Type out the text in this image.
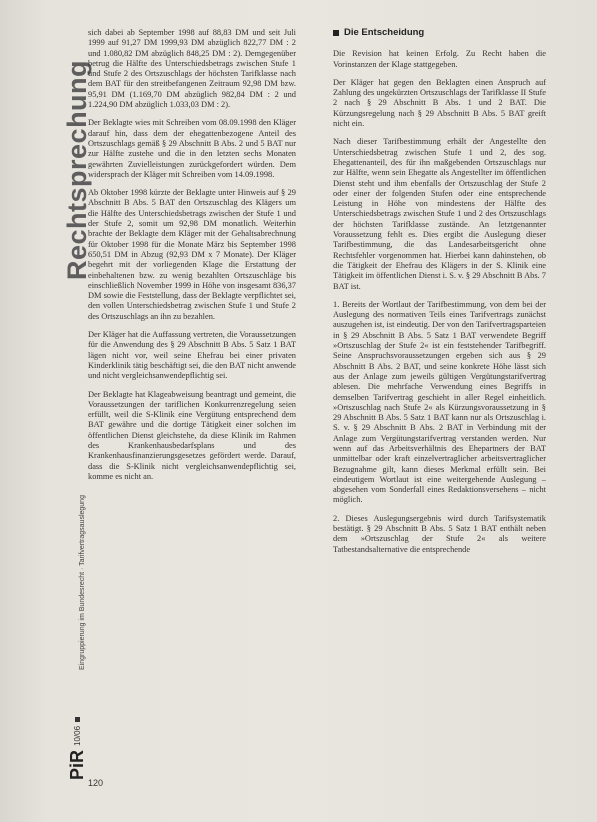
Rechtsprechung
Eingruppierung im Bundesrecht · Tarifvertragsauslegung
PiR
10/06

sich dabei ab September 1998 auf 88,83 DM und seit Juli 1999 auf 91,27 DM 1999,93 DM abzüglich 822,77 DM : 2 und 1.080,82 DM abzüglich 848,25 DM : 2). Demgegenüber betrug die Hälfte des Unterschiedsbetrags zwischen Stufe 1 und Stufe 2 des Ortszuschlags der höchsten Tarifklasse nach dem BAT für den streitbefangenen Zeitraum 92,98 DM bzw. 95,91 DM (1.169,70 DM abzüglich 982,84 DM : 2 und 1.224,90 DM abzüglich 1.033,03 DM : 2).

Der Beklagte wies mit Schreiben vom 08.09.1998 den Kläger darauf hin, dass dem der ehegattenbezogene Anteil des Ortszuschlags gemäß § 29 Abschnitt B Abs. 2 und 5 BAT nur zur Hälfte zustehe und die in den letzten sechs Monaten gewährten Zuvielleistungen zurückgefordert würden. Dem widersprach der Kläger mit Schreiben vom 14.09.1998.

Ab Oktober 1998 kürzte der Beklagte unter Hinweis auf § 29 Abschnitt B Abs. 5 BAT den Ortszuschlag des Klägers um die Hälfte des Unterschiedsbetrags zwischen der Stufe 1 und der Stufe 2, somit um 92,98 DM monatlich. Weiterhin brachte der Beklagte dem Kläger mit der Gehaltsabrechnung für Oktober 1998 für die Monate März bis September 1998 650,51 DM in Abzug (92,93 DM x 7 Monate). Der Kläger begehrt mit der vorliegenden Klage die Erstattung der einbehaltenen bzw. zu wenig bezahlten Ortszuschläge bis einschließlich November 1999 in Höhe von insgesamt 836,37 DM sowie die Feststellung, dass der Beklagte verpflichtet sei, den vollen Unterschiedsbetrag zwischen Stufe 1 und Stufe 2 des Ortszuschlags an ihn zu bezahlen.

Der Kläger hat die Auffassung vertreten, die Voraussetzungen für die Anwendung des § 29 Abschnitt B Abs. 5 Satz 1 BAT lägen nicht vor, weil seine Ehefrau bei einer privaten Kinderklinik tätig beschäftigt sei, die den BAT nicht anwende und nicht vergleichsanwendepflichtig sei.

Der Beklagte hat Klageabweisung beantragt und gemeint, die Voraussetzungen der tariflichen Konkurrenzregelung seien erfüllt, weil die S-Klinik eine Vergütung entsprechend dem BAT gewähre und die dortige Tätigkeit einer solchen im öffentlichen Dienst gleichstehe, da diese Klinik im Rahmen des Krankenhausbedarfsplans und des Krankenhausfinanzierungsgesetzes gefördert werde. Darauf, dass die S-Klinik nicht vergleichsanwendepflichtig sei, komme es nicht an.

Die Entscheidung

Die Revision hat keinen Erfolg. Zu Recht haben die Vorinstanzen der Klage stattgegeben.

Der Kläger hat gegen den Beklagten einen Anspruch auf Zahlung des ungekürzten Ortszuschlags der Tarifklasse II Stufe 2 nach § 29 Abschnitt B Abs. 1 und 2 BAT. Die Kürzungsregelung nach § 29 Abschnitt B Abs. 5 BAT greift nicht ein.

Nach dieser Tarifbestimmung erhält der Angestellte den Unterschiedsbetrag zwischen Stufe 1 und 2, des sog. Ehegattenanteil, des für ihn maßgebenden Ortszuschlags nur zur Hälfte, wenn sein Ehegatte als Angestellter im öffentlichen Dienst steht und ihm ebenfalls der Ortszuschlag der Stufe 2 oder einer der folgenden Stufen oder eine entsprechende Leistung in Höhe von mindestens der Hälfte des Unterschiedsbetrags zwischen Stufe 1 und 2 des Ortszuschlags der höchsten Tarifklasse zustände. An letztgenannter Voraussetzung fehlt es. Dies ergibt die Auslegung dieser Tarifbestimmung, die das Landesarbeitsgericht ohne Rechtsfehler vorgenommen hat. Hierbei kann dahinstehen, ob die Tätigkeit der Ehefrau des Klägers in der S. Klinik eine Tätigkeit im öffentlichen Dienst i. S. v. § 29 Abschnitt B Abs. 7 BAT ist.

1. Bereits der Wortlaut der Tarifbestimmung, von dem bei der Auslegung des normativen Teils eines Tarifvertrags zunächst auszugehen ist, ist eindeutig. Der von den Tarifvertragsparteien in § 29 Abschnitt B Abs. 5 Satz 1 BAT verwendete Begriff »Ortszuschlag der Stufe 2« ist ein feststehender Tarifbegriff. Seine Anspruchsvoraussetzungen ergeben sich aus § 29 Abschnitt B Abs. 2 BAT, und seine konkrete Höhe lässt sich aus der Anlage zum jeweils gültigen Vergütungstarifvertrag ablesen. Die mehrfache Verwendung eines Begriffs in demselben Tarifvertrag geschieht in aller Regel einheitlich. »Ortszuschlag nach Stufe 2« als Kürzungsvoraussetzung in § 29 Abschnitt B Abs. 5 Satz 1 BAT kann nur als Ortszuschlag i. S. v. § 29 Abschnitt B Abs. 2 BAT in Verbindung mit der Anlage zum Vergütungstarifvertrag verstanden werden. Nur wenn auf das Arbeitsverhältnis des Ehepartners der BAT unmittelbar oder kraft einzelvertraglicher arbeitsvertraglicher Bezugnahme gilt, kann dieses Merkmal erfüllt sein. Bei eindeutigem Wortlaut ist eine weitergehende Auslegung – abgesehen vom Sonderfall eines Redaktionsversehens – nicht möglich.

2. Dieses Auslegungsergebnis wird durch Tarifsystematik bestätigt. § 29 Abschnitt B Abs. 5 Satz 1 BAT enthält neben dem »Ortszuschlag der Stufe 2« als weitere Tatbestandsalternative die entsprechende

120
